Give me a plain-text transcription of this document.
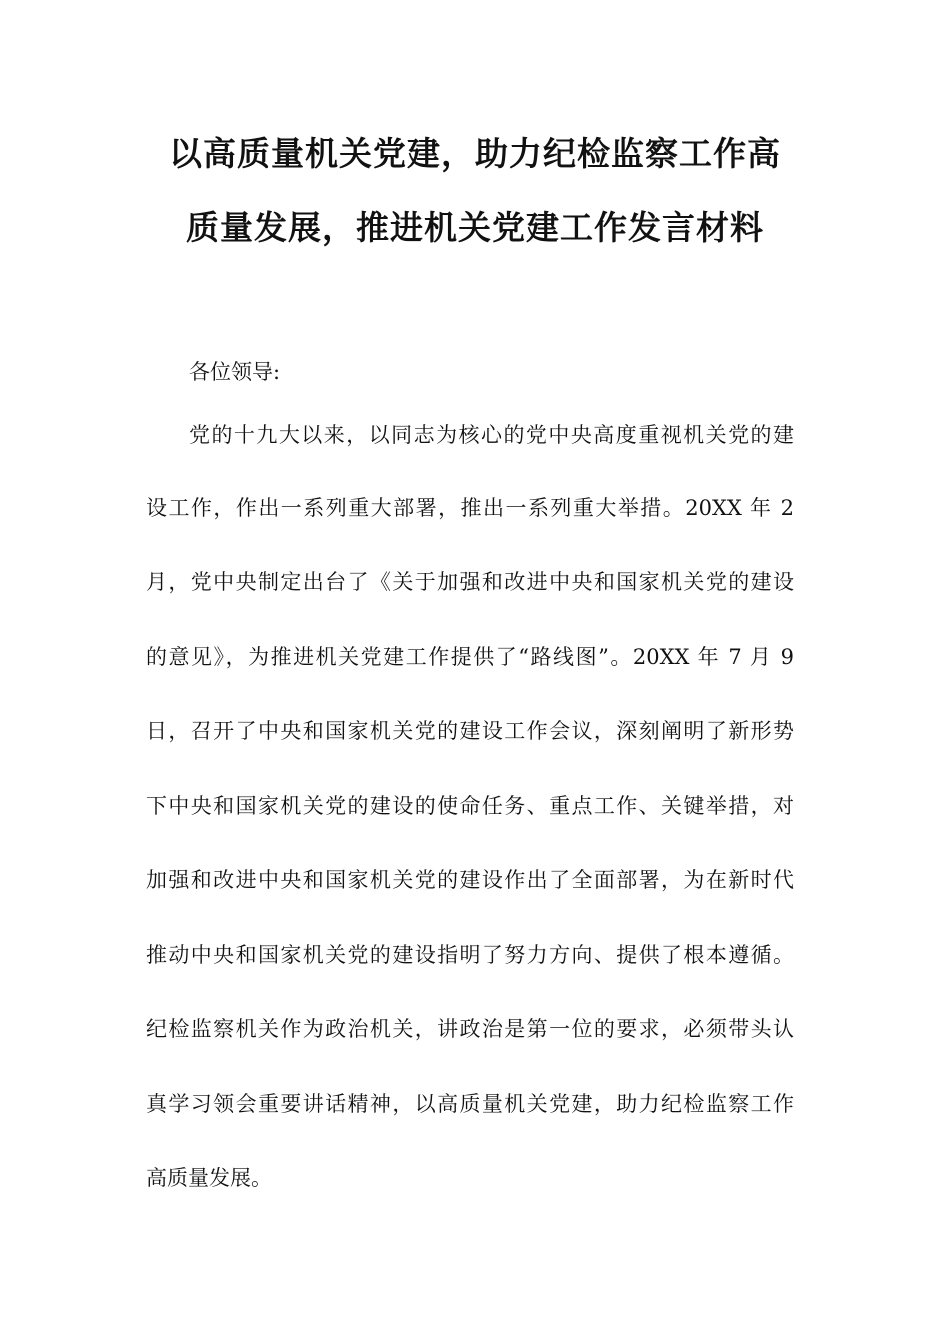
以高质量机关党建，助力纪检监察工作高
质量发展，推进机关党建工作发言材料
各位领导:
党的十九大以来，以同志为核心的党中央高度重视机关党的建
设工作，作出一系列重大部署，推出一系列重大举措。20XX 年 2
月，党中央制定出台了《关于加强和改进中央和国家机关党的建设
的意见》，为推进机关党建工作提供了“路线图”。20XX 年 7 月 9
日，召开了中央和国家机关党的建设工作会议，深刻阐明了新形势
下中央和国家机关党的建设的使命任务、重点工作、关键举措，对
加强和改进中央和国家机关党的建设作出了全面部署，为在新时代
推动中央和国家机关党的建设指明了努力方向、提供了根本遵循。
纪检监察机关作为政治机关，讲政治是第一位的要求，必须带头认
真学习领会重要讲话精神，以高质量机关党建，助力纪检监察工作
高质量发展。
